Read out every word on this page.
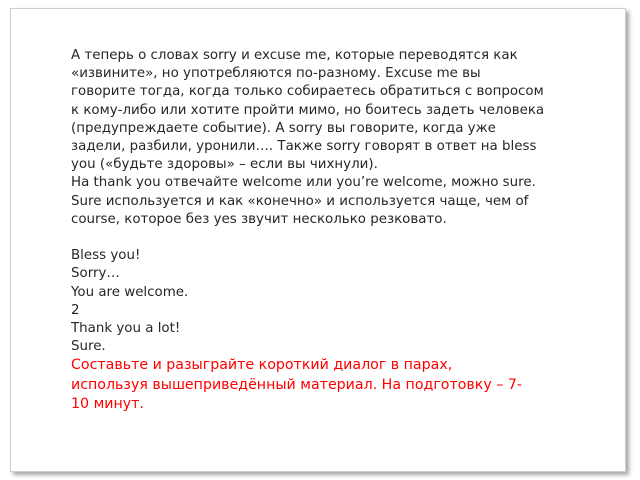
А теперь о словах sorry и excuse me, которые переводятся как

«извините», но употребляются по-разному. Excuse me вы

говорите тогда, когда только собираетесь обратиться с вопросом

к кому-либо или хотите пройти мимо, но боитесь задеть человека

(предупреждаете событие). А sorry вы говорите, когда уже

задели, разбили, уронили…. Также sorry говорят в ответ на bless

you («будьте здоровы» – если вы чихнули).

На thank you отвечайте welcome или you’re welcome, можно sure.

Sure используется и как «конечно» и используется чаще, чем of

course, которое без yes звучит несколько резковато.

Bless you!

Sorry…

You are welcome.

2

Thank you a lot!

Sure.

Составьте и разыграйте короткий диалог в парах,

используя вышеприведённый материал. На подготовку – 7-

10 минут.
